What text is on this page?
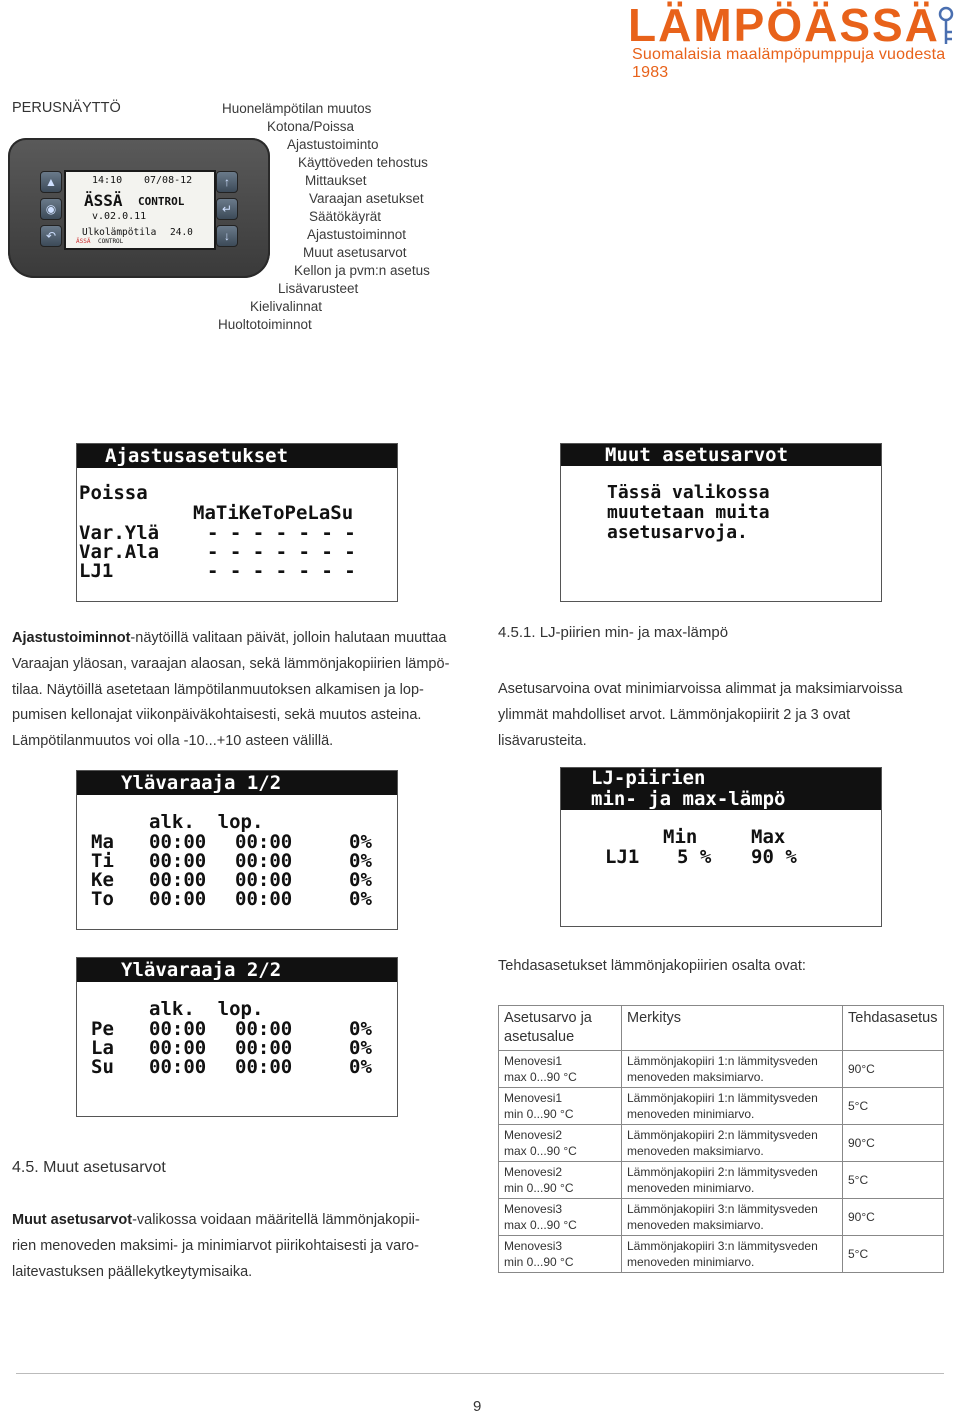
LÄMPÖÄSSÄ
Suomalaisia maalämpöpumppuja vuodesta 1983
PERUSNÄYTTÖ	Huonelämpötilan muutos
Kotona/Poissa
Ajastustoiminto
Käyttöveden tehostus
Mittaukset
Varaajan asetukset
Säätökäyrät
Ajastustoiminnot
Muut asetusarvot
Kellon ja pvm:n asetus
Lisävarusteet
Kielivalinnat
Huoltotoiminnot
▲
◉
↶
↑
↵
↓
14:10 07/08-12
ÄSSÄ CONTROL
v.02.0.11
Ulkolämpötila 24.0
ÄSSÄ CONTROL
Ajastusasetukset
Poissa
MaTiKeToPeLaSu
Var.Ylä	- - - - - - -
Var.Ala	- - - - - - -
LJ1	- - - - - - -
Muut asetusarvot
Tässä valikossa
muutetaan muita
asetusarvoja.
Ajastustoiminnot-näytöillä valitaan päivät, jolloin halutaan muuttaa
Varaajan yläosan, varaajan alaosan, sekä lämmönjakopiirien lämpö-
tilaa. Näytöillä asetetaan lämpötilanmuutoksen alkamisen ja lop-
pumisen kellonajat viikonpäiväkohtaisesti, sekä muutos asteina.
Lämpötilanmuutos voi olla -10...+10 asteen välillä.
4.5.1. LJ-piirien min- ja max-lämpö
Asetusarvoina ovat minimiarvoissa alimmat ja maksimiarvoissa
ylimmät mahdolliset arvot. Lämmönjakopiirit 2 ja 3 ovat
lisävarusteita.
Ylävaraaja 1/2
alk.  lop.
Ma 00:00 00:00	0%
Ti 00:00 00:00	0%
Ke 00:00 00:00	0%
To 00:00 00:00	0%
LJ-piirien
min- ja max-lämpö
Min	Max
LJ1 5 % 90 %
Tehdasasetukset lämmönjakopiirien osalta ovat:
Ylävaraaja 2/2
alk.  lop.
Pe 00:00 00:00	0%
La 00:00 00:00	0%
Su 00:00 00:00	0%
Asetusarvo ja asetusalue	Merkitys	Tehdasasetus
Menovesi1
max 0...90 °C	Lämmönjakopiiri 1:n lämmitysveden
menoveden maksimiarvo.	90°C
Menovesi1
min 0...90 °C	Lämmönjakopiiri 1:n lämmitysveden
menoveden minimiarvo.	5°C
Menovesi2
max 0...90 °C	Lämmönjakopiiri 2:n lämmitysveden
menoveden maksimiarvo.	90°C
Menovesi2
min 0...90 °C	Lämmönjakopiiri 2:n lämmitysveden
menoveden minimiarvo.	5°C
Menovesi3
max 0...90 °C	Lämmönjakopiiri 3:n lämmitysveden
menoveden maksimiarvo.	90°C
Menovesi3
min 0...90 °C	Lämmönjakopiiri 3:n lämmitysveden
menoveden minimiarvo.	5°C
4.5. Muut asetusarvot
Muut asetusarvot-valikossa voidaan määritellä lämmönjakopii-
rien menoveden maksimi- ja minimiarvot piirikohtaisesti ja varo-
laitevastuksen päällekytkeytymisaika.
9
